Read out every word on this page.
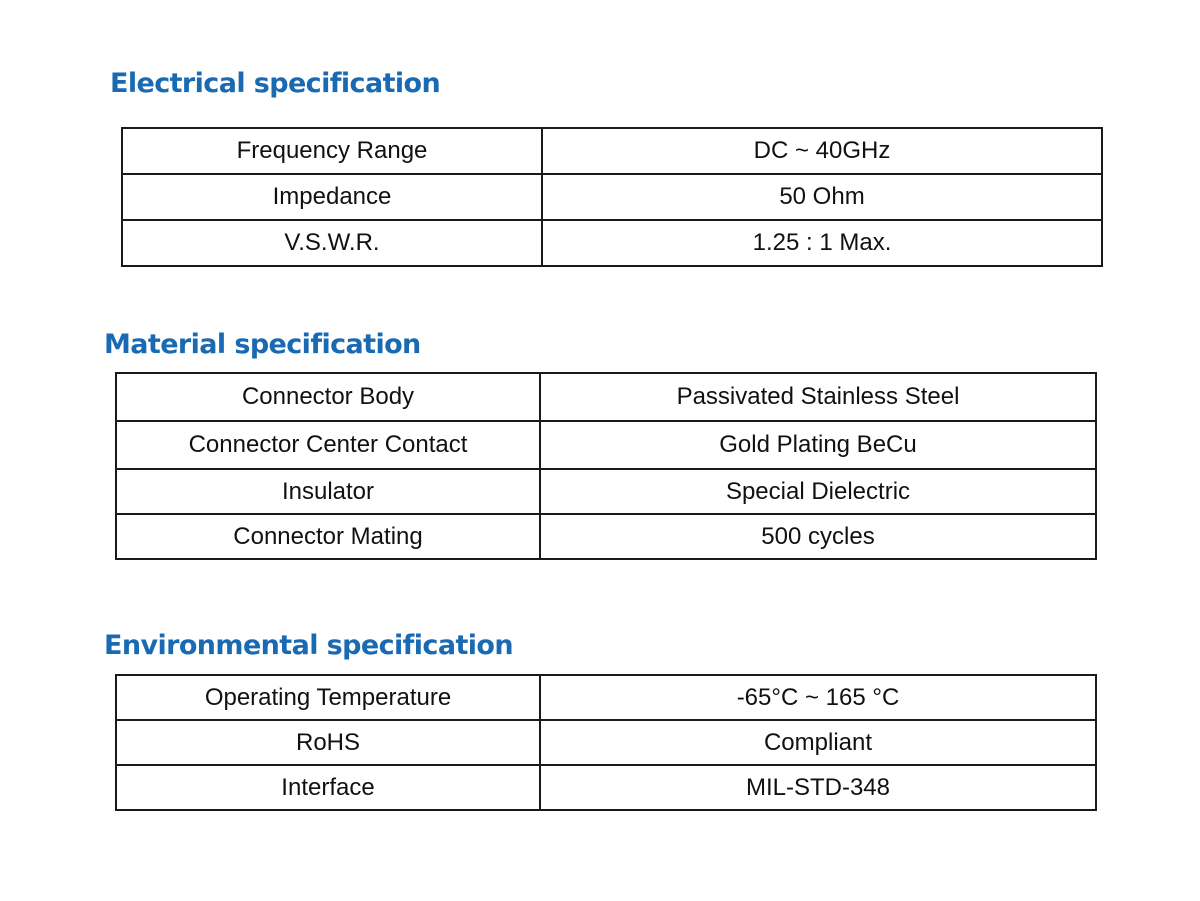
Electrical specification
Frequency Range	DC ~ 40GHz
Impedance	50 Ohm
V.S.W.R.	1.25 : 1 Max.
Material specification
Connector Body	Passivated Stainless Steel
Connector Center Contact	Gold Plating BeCu
Insulator	Special Dielectric
Connector Mating	500 cycles
Environmental specification
Operating Temperature	-65°C ~ 165 °C
RoHS	Compliant
Interface	MIL-STD-348
